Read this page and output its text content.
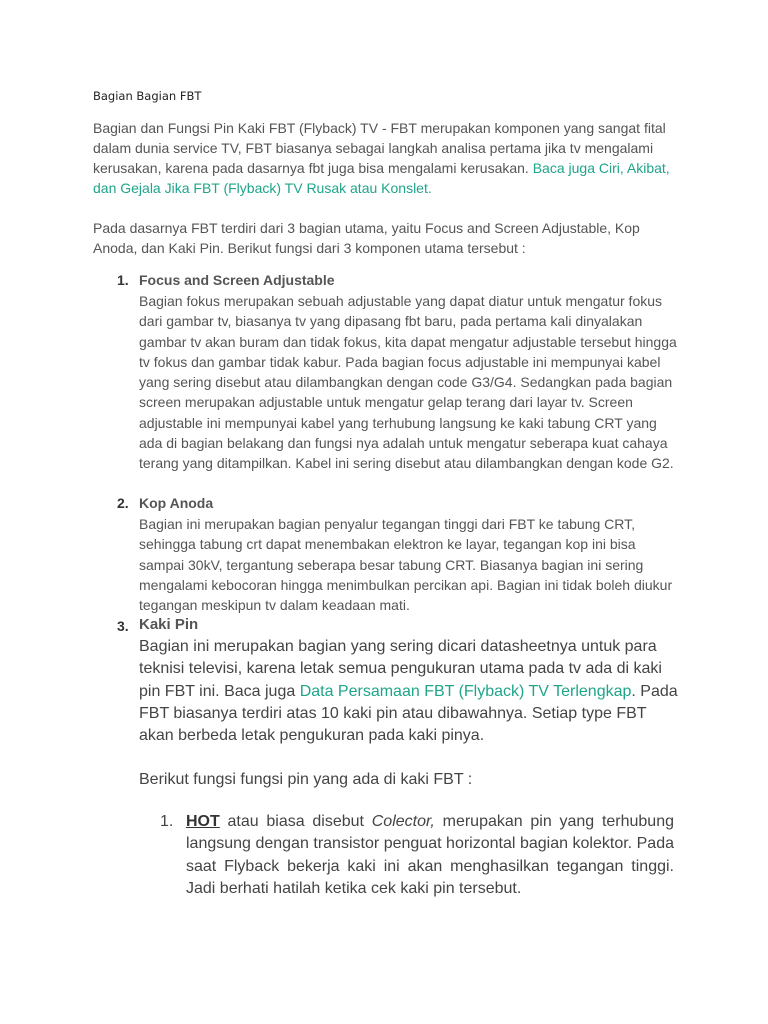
Bagian Bagian FBT
Bagian dan Fungsi Pin Kaki FBT (Flyback) TV - FBT merupakan komponen yang sangat fital dalam dunia service TV, FBT biasanya sebagai langkah analisa pertama jika tv mengalami kerusakan, karena pada dasarnya fbt juga bisa mengalami kerusakan. Baca juga Ciri, Akibat, dan Gejala Jika FBT (Flyback) TV Rusak atau Konslet.
Pada dasarnya FBT terdiri dari 3 bagian utama, yaitu Focus and Screen Adjustable, Kop Anoda, dan Kaki Pin. Berikut fungsi dari 3 komponen utama tersebut :
1. Focus and Screen Adjustable
Bagian fokus merupakan sebuah adjustable yang dapat diatur untuk mengatur fokus dari gambar tv, biasanya tv yang dipasang fbt baru, pada pertama kali dinyalakan gambar tv akan buram dan tidak fokus, kita dapat mengatur adjustable tersebut hingga tv fokus dan gambar tidak kabur. Pada bagian focus adjustable ini mempunyai kabel yang sering disebut atau dilambangkan dengan code G3/G4. Sedangkan pada bagian screen merupakan adjustable untuk mengatur gelap terang dari layar tv. Screen adjustable ini mempunyai kabel yang terhubung langsung ke kaki tabung CRT yang ada di bagian belakang dan fungsi nya adalah untuk mengatur seberapa kuat cahaya terang yang ditampilkan. Kabel ini sering disebut atau dilambangkan dengan kode G2.
2. Kop Anoda
Bagian ini merupakan bagian penyalur tegangan tinggi dari FBT ke tabung CRT, sehingga tabung crt dapat menembakan elektron ke layar, tegangan kop ini bisa sampai 30kV, tergantung seberapa besar tabung CRT. Biasanya bagian ini sering mengalami kebocoran hingga menimbulkan percikan api. Bagian ini tidak boleh diukur tegangan meskipun tv dalam keadaan mati.
3. Kaki Pin
Bagian ini merupakan bagian yang sering dicari datasheetnya untuk para teknisi televisi, karena letak semua pengukuran utama pada tv ada di kaki pin FBT ini. Baca juga Data Persamaan FBT (Flyback) TV Terlengkap. Pada FBT biasanya terdiri atas 10 kaki pin atau dibawahnya. Setiap type FBT akan berbeda letak pengukuran pada kaki pinya.
Berikut fungsi fungsi pin yang ada di kaki FBT :
1. HOT atau biasa disebut Colector, merupakan pin yang terhubung langsung dengan transistor penguat horizontal bagian kolektor. Pada saat Flyback bekerja kaki ini akan menghasilkan tegangan tinggi. Jadi berhati hatilah ketika cek kaki pin tersebut.
